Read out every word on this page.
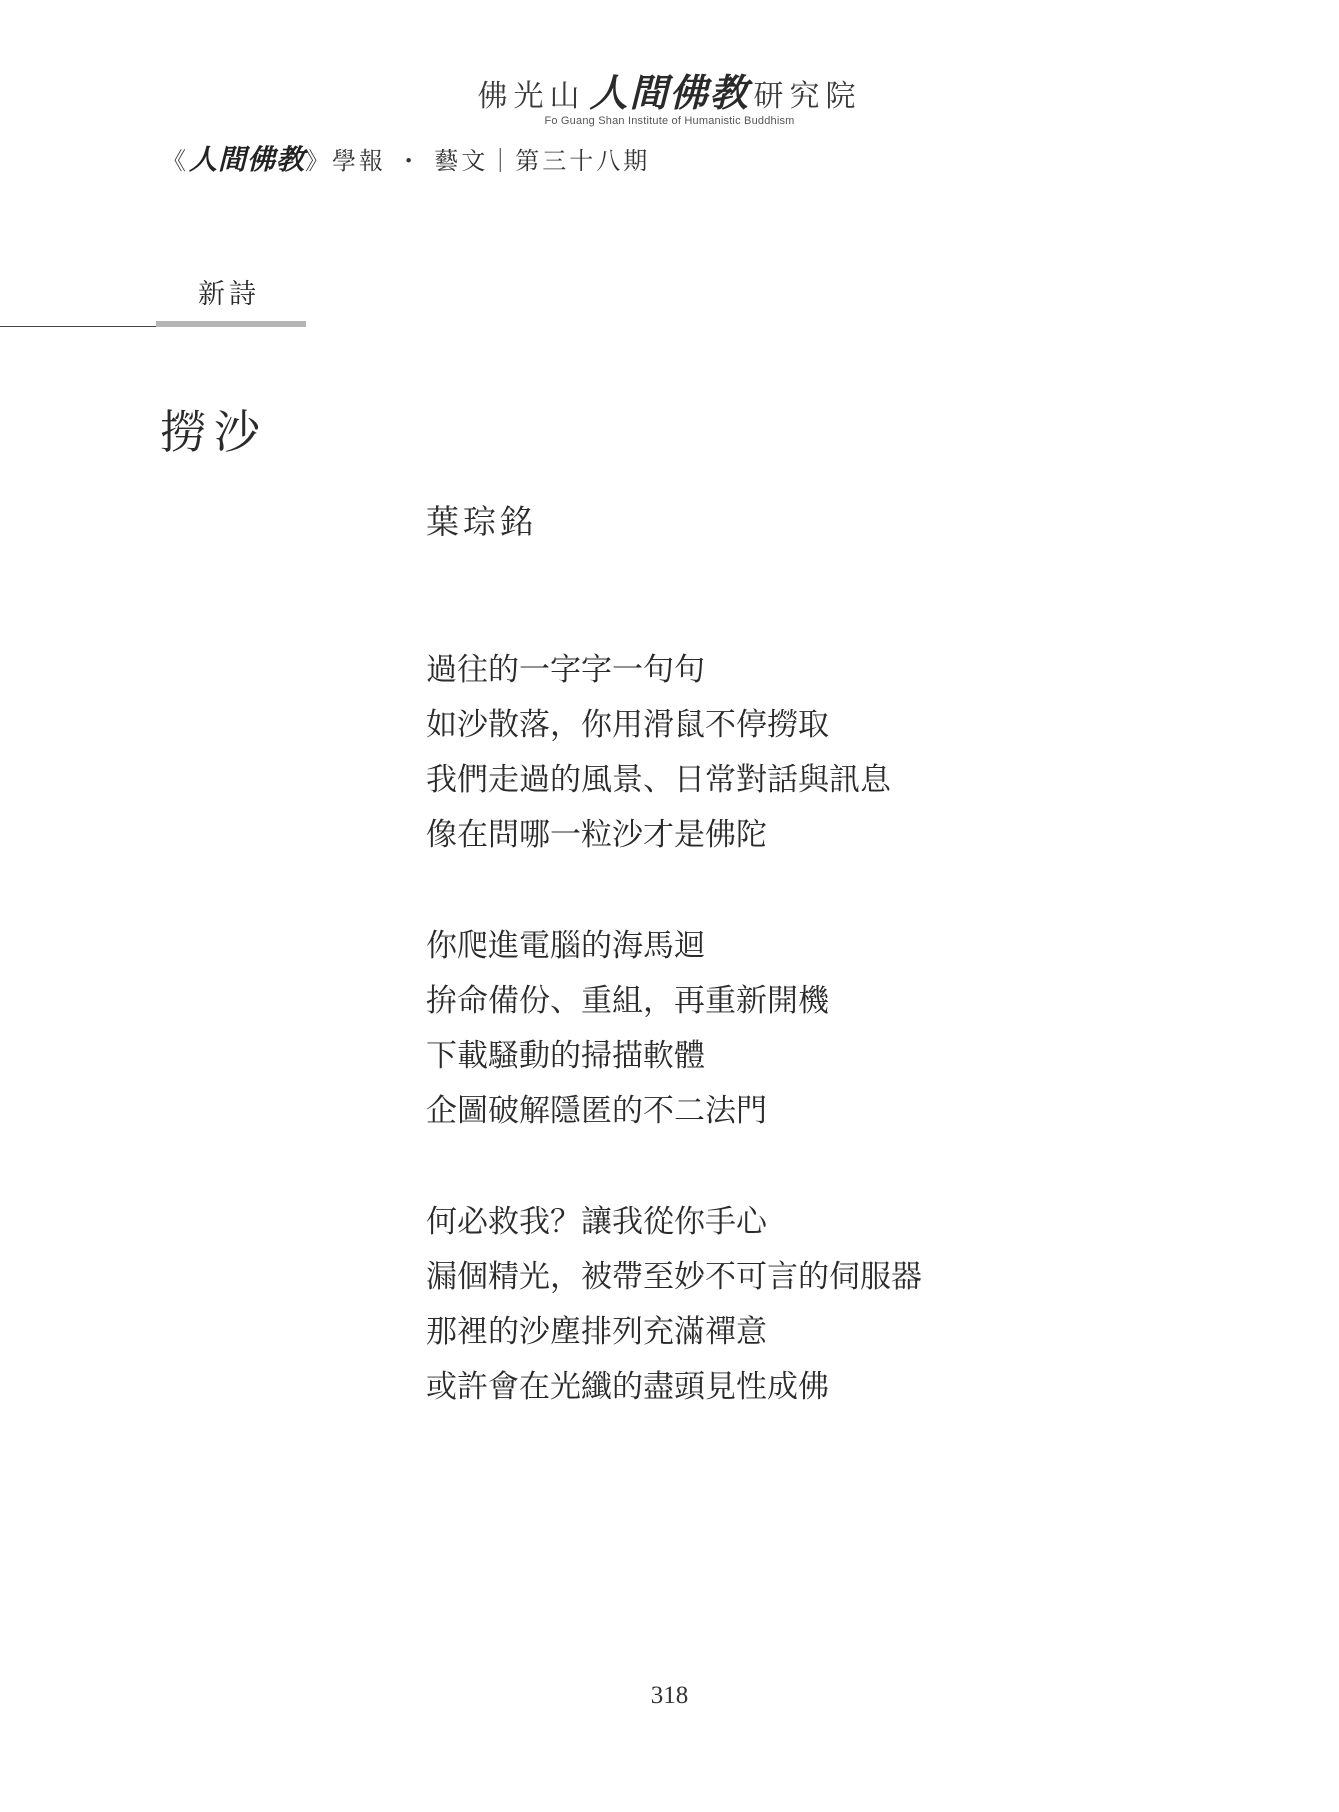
佛光山 人間佛教 研究院
Fo Guang Shan Institute of Humanistic Buddhism
《人間佛教》學報 ・ 藝文｜第三十八期
新詩
撈沙
葉琮銘
過往的一字字一句句
如沙散落，你用滑鼠不停撈取
我們走過的風景、日常對話與訊息
像在問哪一粒沙才是佛陀
你爬進電腦的海馬迴
拚命備份、重組，再重新開機
下載騷動的掃描軟體
企圖破解隱匿的不二法門
何必救我？讓我從你手心
漏個精光，被帶至妙不可言的伺服器
那裡的沙塵排列充滿禪意
或許會在光纖的盡頭見性成佛
318
